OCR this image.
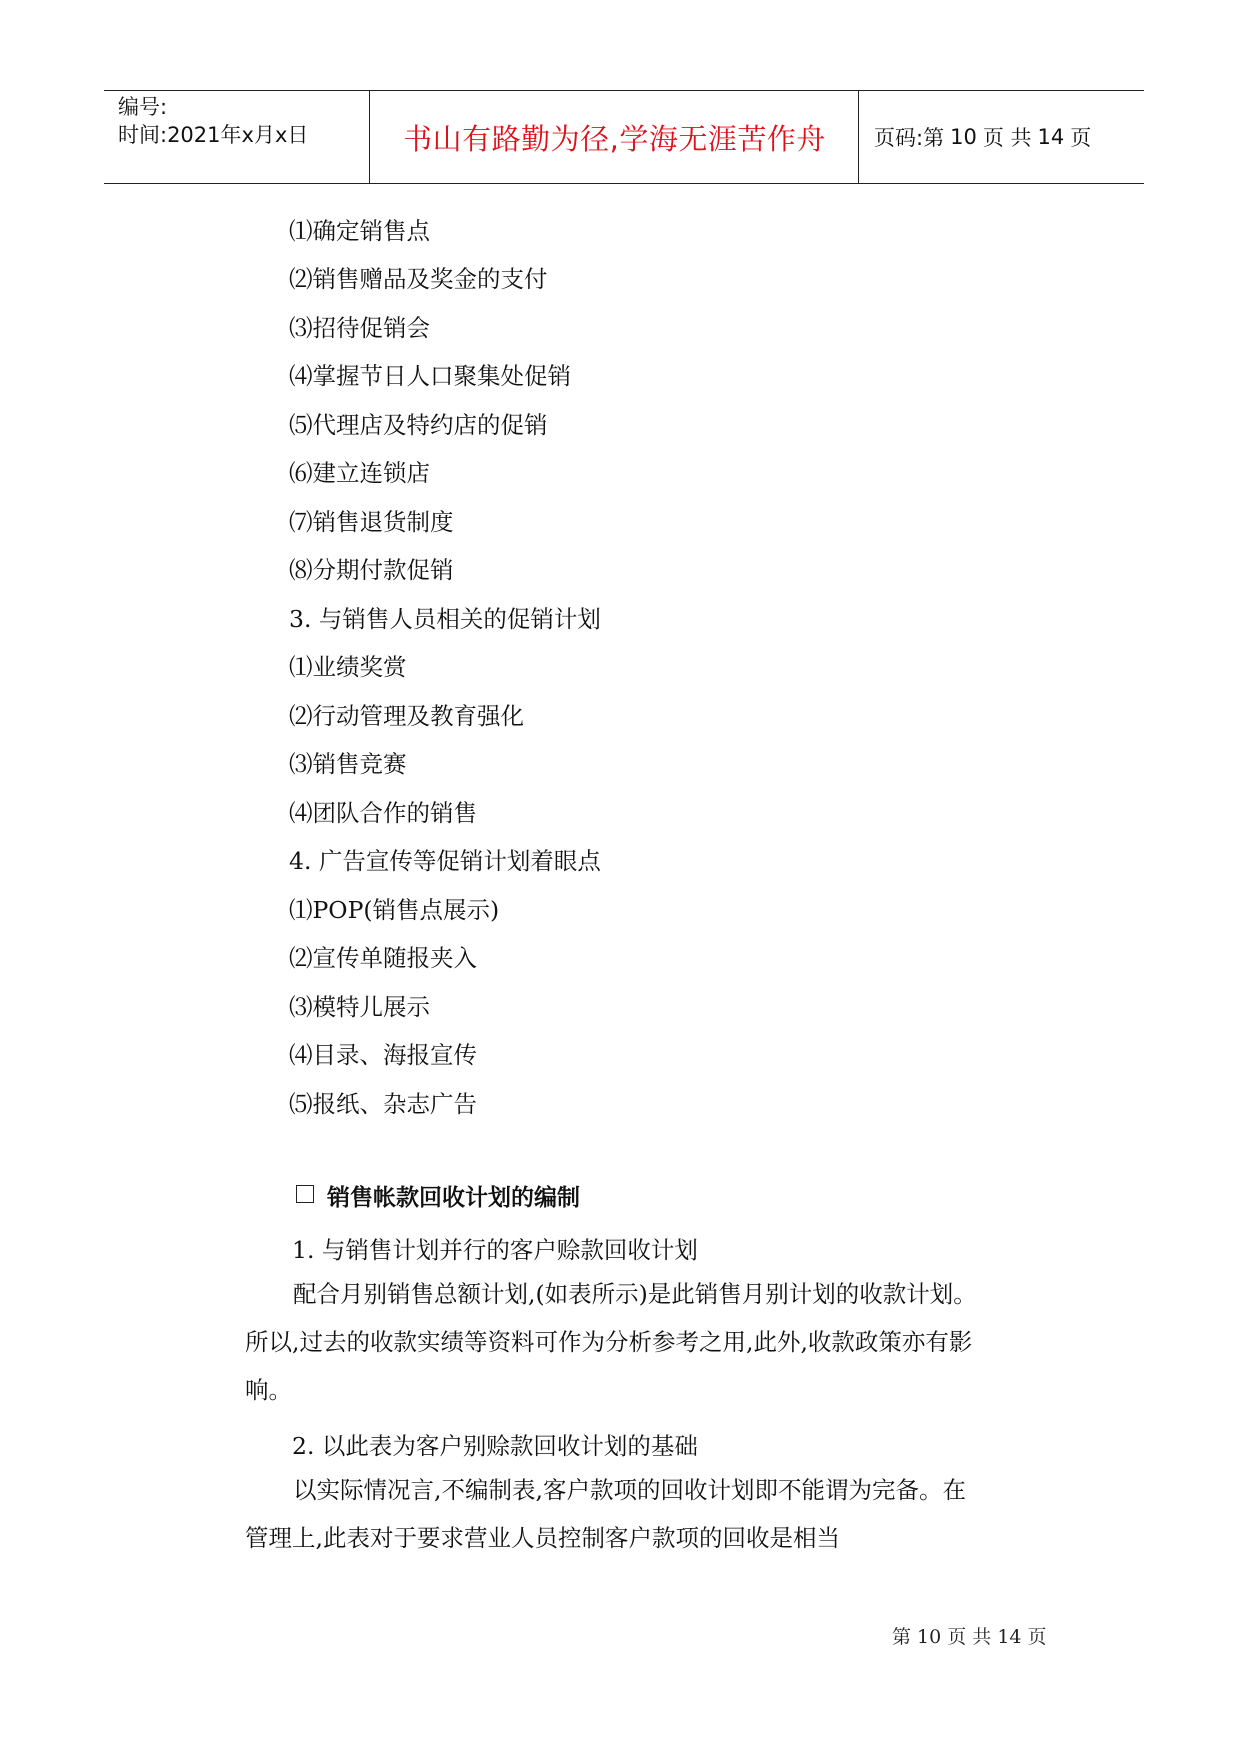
编号:
时间:2021年x月x日	书山有路勤为径,学海无涯苦作舟	页码:第 10 页 共 14 页
⑴确定销售点
⑵销售赠品及奖金的支付
⑶招待促销会
⑷掌握节日人口聚集处促销
⑸代理店及特约店的促销
⑹建立连锁店
⑺销售退货制度
⑻分期付款促销
3. 与销售人员相关的促销计划
⑴业绩奖赏
⑵行动管理及教育强化
⑶销售竞赛
⑷团队合作的销售
4. 广告宣传等促销计划着眼点
⑴POP(销售点展示)
⑵宣传单随报夹入
⑶模特儿展示
⑷目录、海报宣传
⑸报纸、杂志广告
销售帐款回收计划的编制
1. 与销售计划并行的客户赊款回收计划
配合月别销售总额计划,(如表所示)是此销售月别计划的收款计划。所以,过去的收款实绩等资料可作为分析参考之用,此外,收款政策亦有影响。
2. 以此表为客户别赊款回收计划的基础
以实际情况言,不编制表,客户款项的回收计划即不能谓为完备。在管理上,此表对于要求营业人员控制客户款项的回收是相当
第 10 页 共 14 页
